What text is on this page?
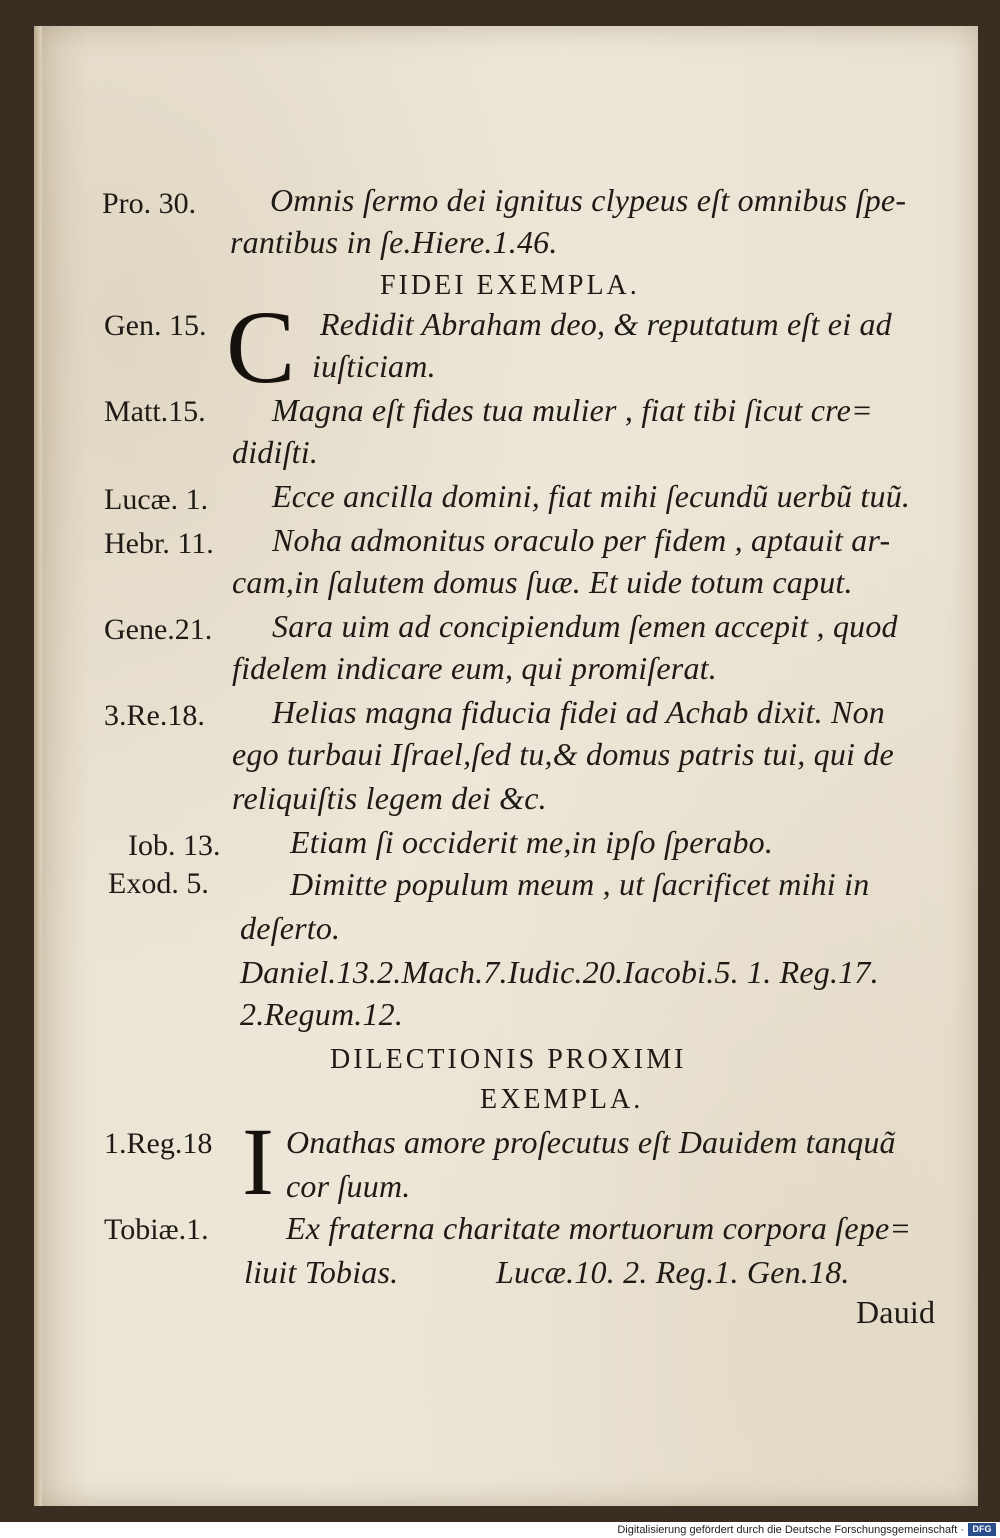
Pro. 30.
Gen. 15.
Matt.15.
Lucæ. 1.
Hebr. 11.
Gene.21.
3.Re.18.
Iob. 13.
Exod. 5.
1.Reg.18
Tobiæ.1.
FIDEI EXEMPLA.
DILECTIONIS PROXIMI
EXEMPLA.
C
I
Omnis ſermo dei ignitus clypeus eſt omnibus ſpe-
rantibus in ſe.Hiere.1.46.
Redidit Abraham deo, & reputatum eſt ei ad
iuſticiam.
Magna eſt fides tua mulier , fiat tibi ſicut cre=
didiſti.
Ecce ancilla domini, fiat mihi ſecundũ uerbũ tuũ.
Noha admonitus oraculo per fidem , aptauit ar-
cam,in ſalutem domus ſuæ. Et uide totum caput.
Sara uim ad concipiendum ſemen accepit , quod
fidelem indicare eum, qui promiſerat.
Helias magna fiducia fidei ad Achab dixit. Non
ego turbaui Iſrael,ſed tu,& domus patris tui, qui de
reliquiſtis legem dei &c.
Etiam ſi occiderit me,in ipſo ſperabo.
Dimitte populum meum , ut ſacrificet mihi in
deſerto.
Daniel.13.2.Mach.7.Iudic.20.Iacobi.5. 1. Reg.17.
2.Regum.12.
Onathas amore proſecutus eſt Dauidem tanquã
cor ſuum.
Ex fraterna charitate mortuorum corpora ſepe=
liuit Tobias.	Lucæ.10. 2. Reg.1. Gen.18.
Dauid
Digitalisierung gefördert durch die Deutsche Forschungsgemeinschaft · DFG
